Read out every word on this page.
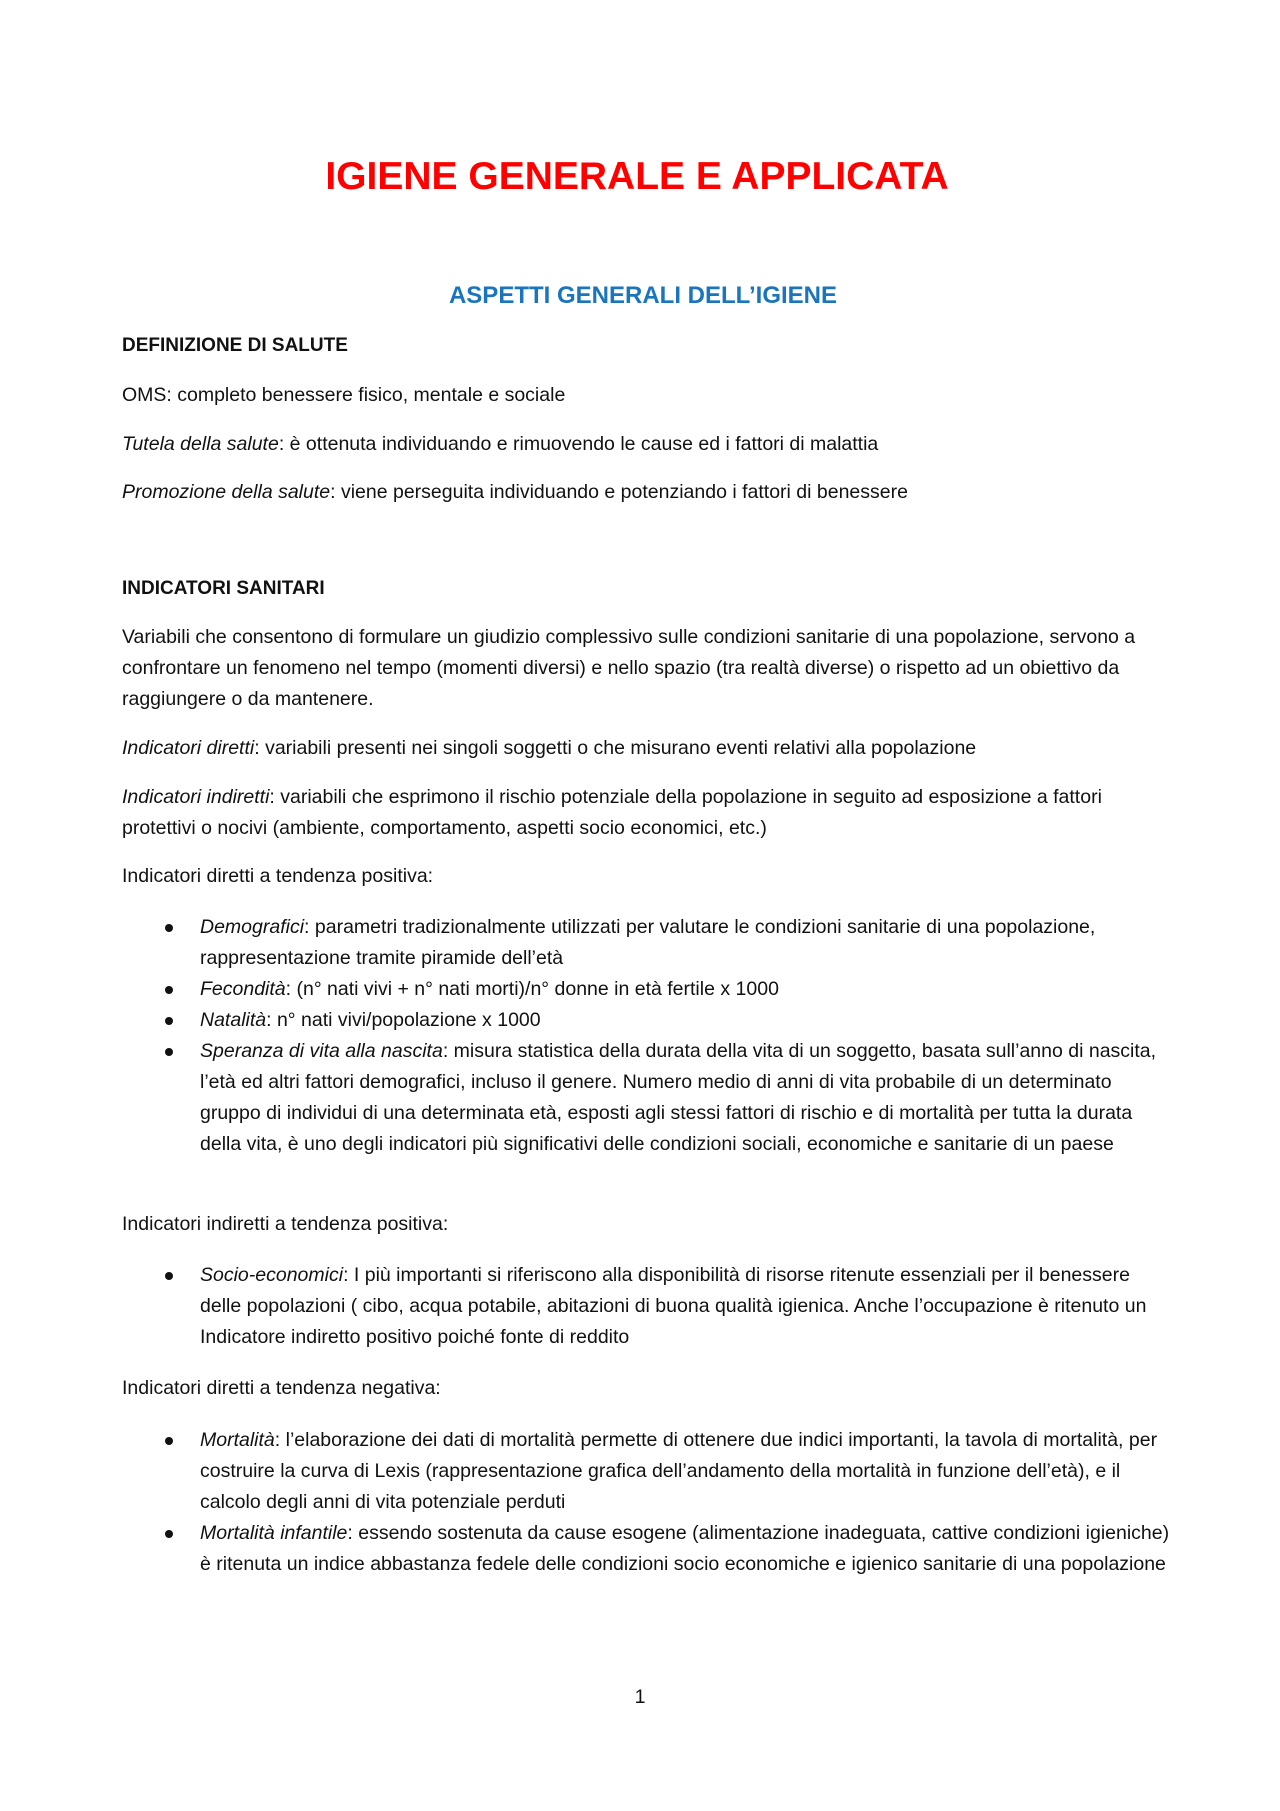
IGIENE GENERALE E APPLICATA
ASPETTI GENERALI DELL’IGIENE
DEFINIZIONE DI SALUTE

OMS: completo benessere fisico, mentale e sociale

Tutela della salute: è ottenuta individuando e rimuovendo le cause ed i fattori di malattia

Promozione della salute: viene perseguita individuando e potenziando i fattori di benessere

INDICATORI SANITARI

Variabili che consentono di formulare un giudizio complessivo sulle condizioni sanitarie di una popolazione, servono a confrontare un fenomeno nel tempo (momenti diversi) e nello spazio (tra realtà diverse) o rispetto ad un obiettivo da raggiungere o da mantenere.

Indicatori diretti: variabili presenti nei singoli soggetti o che misurano eventi relativi alla popolazione

Indicatori indiretti: variabili che esprimono il rischio potenziale della popolazione in seguito ad esposizione a fattori protettivi o nocivi (ambiente, comportamento, aspetti socio economici, etc.)

Indicatori diretti a tendenza positiva:

Demografici: parametri tradizionalmente utilizzati per valutare le condizioni sanitarie di una popolazione, rappresentazione tramite piramide dell’età
Fecondità: (n° nati vivi + n° nati morti)/n° donne in età fertile x 1000
Natalità: n° nati vivi/popolazione x 1000
Speranza di vita alla nascita: misura statistica della durata della vita di un soggetto, basata sull’anno di nascita, l’età ed altri fattori demografici, incluso il genere. Numero medio di anni di vita probabile di un determinato gruppo di individui di una determinata età, esposti agli stessi fattori di rischio e di mortalità per tutta la durata della vita, è uno degli indicatori più significativi delle condizioni sociali, economiche e sanitarie di un paese

Indicatori indiretti a tendenza positiva:

Socio-economici: I più importanti si riferiscono alla disponibilità di risorse ritenute essenziali per il benessere delle popolazioni ( cibo, acqua potabile, abitazioni di buona qualità igienica. Anche l’occupazione è ritenuto un Indicatore indiretto positivo poiché fonte di reddito

Indicatori diretti a tendenza negativa:

Mortalità: l’elaborazione dei dati di mortalità permette di ottenere due indici importanti, la tavola di mortalità, per costruire la curva di Lexis (rappresentazione grafica dell’andamento della mortalità in funzione dell’età), e il calcolo degli anni di vita potenziale perduti
Mortalità infantile: essendo sostenuta da cause esogene (alimentazione inadeguata, cattive condizioni igieniche) è ritenuta un indice abbastanza fedele delle condizioni socio economiche e igienico sanitarie di una popolazione
1
